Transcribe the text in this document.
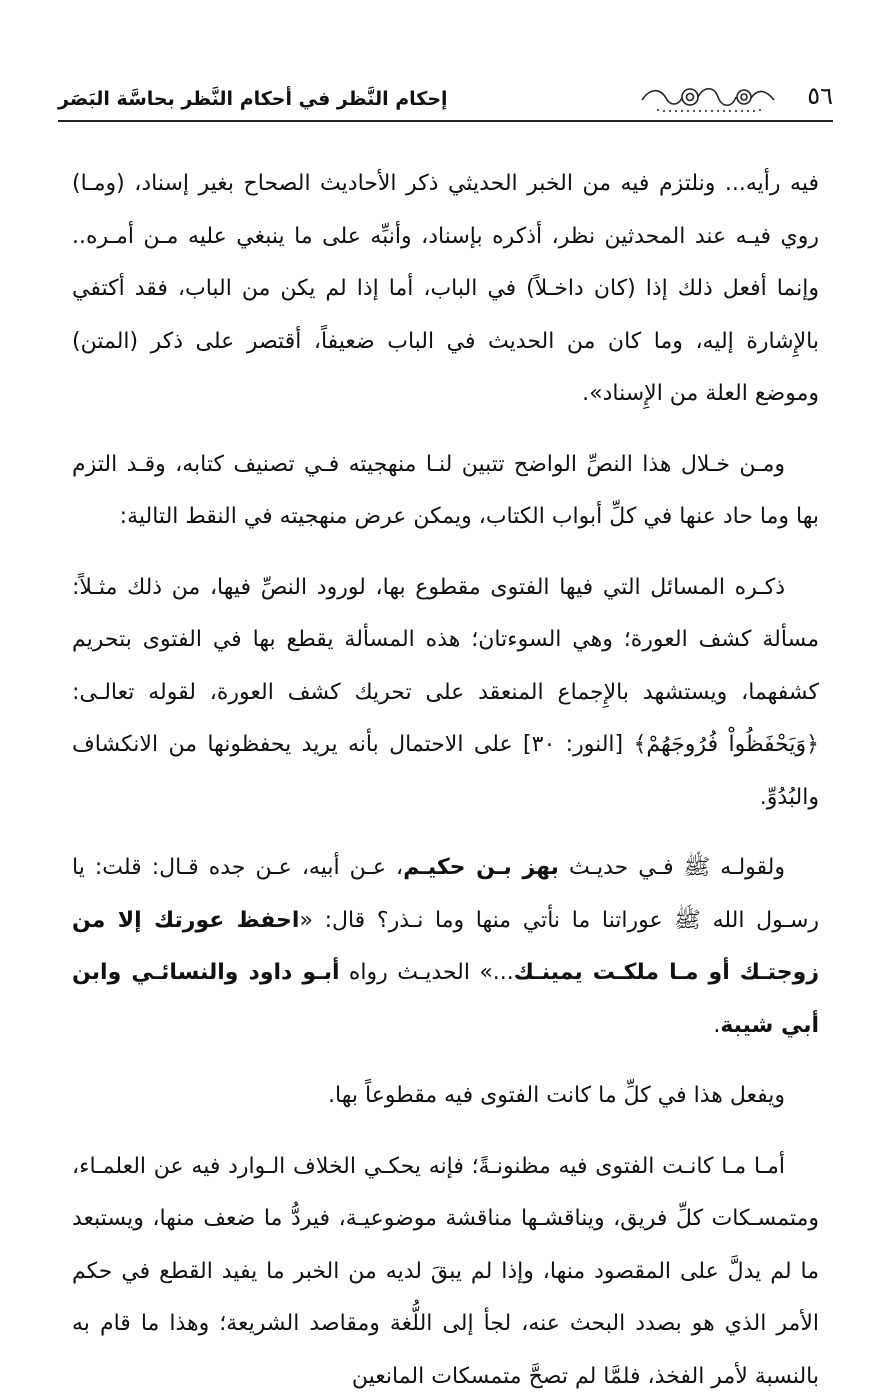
٥٦
إحكام النَّظر في أحكام النَّظر بحاسَّة البَصَر

فيه رأيه... ونلتزم فيه من الخبر الحديثي ذكر الأحاديث الصحاح بغير إسناد، (ومـا) روي فيـه عند المحدثين نظر، أذكره بإسناد، وأنبِّه على ما ينبغي عليه مـن أمـره.. وإنما أفعل ذلك إذا (كان داخـلاً) في الباب، أما إذا لم يكن من الباب، فقد أكتفي بالإِشارة إليه، وما كان من الحديث في الباب ضعيفاً، أقتصر على ذكر (المتن) وموضع العلة من الإِسناد».

ومـن خـلال هذا النصِّ الواضح تتبين لنـا منهجيته فـي تصنيف كتابه، وقـد التزم بها وما حاد عنها في كلِّ أبواب الكتاب، ويمكن عرض منهجيته في النقط التالية:

ذكـره المسائل التي فيها الفتوى مقطوع بها، لورود النصِّ فيها، من ذلك مثـلاً: مسألة كشف العورة؛ وهي السوءتان؛ هذه المسألة يقطع بها في الفتوى بتحريم كشفهما، ويستشهد بالإِجماع المنعقد على تحريك كشف العورة، لقوله تعالـى: ﴿وَيَحْفَظُواْ فُرُوجَهُمْ﴾ [النور: ٣٠] على الاحتمال بأنه يريد يحفظونها من الانكشاف والبُدُوِّ.

ولقولـه ﷺ فـي حديـث بهز بـن حكيـم، عـن أبيه، عـن جده قـال: قلت: يا رسـول الله ﷺ عوراتنا ما نأتي منها وما نـذر؟ قال: «احفظ عورتك إلا من زوجتـك أو مـا ملكـت يمينـك...» الحديـث رواه أبـو داود والنسائـي وابن أبي شيبة.

ويفعل هذا في كلِّ ما كانت الفتوى فيه مقطوعاً بها.

أمـا مـا كانـت الفتوى فيه مظنونـةً؛ فإنه يحكـي الخلاف الـوارد فيه عن العلمـاء، ومتمسـكات كلِّ فريق، ويناقشـها مناقشة موضوعيـة، فيردُّ ما ضعف منها، ويستبعد ما لم يدلَّ على المقصود منها، وإذا لم يبقَ لديه من الخبر ما يفيد القطع في حكم الأمر الذي هو بصدد البحث عنه، لجأ إلى اللُّغة ومقاصد الشريعة؛ وهذا ما قام به بالنسبة لأمر الفخذ، فلمَّا لم تصحَّ متمسكات المانعين
